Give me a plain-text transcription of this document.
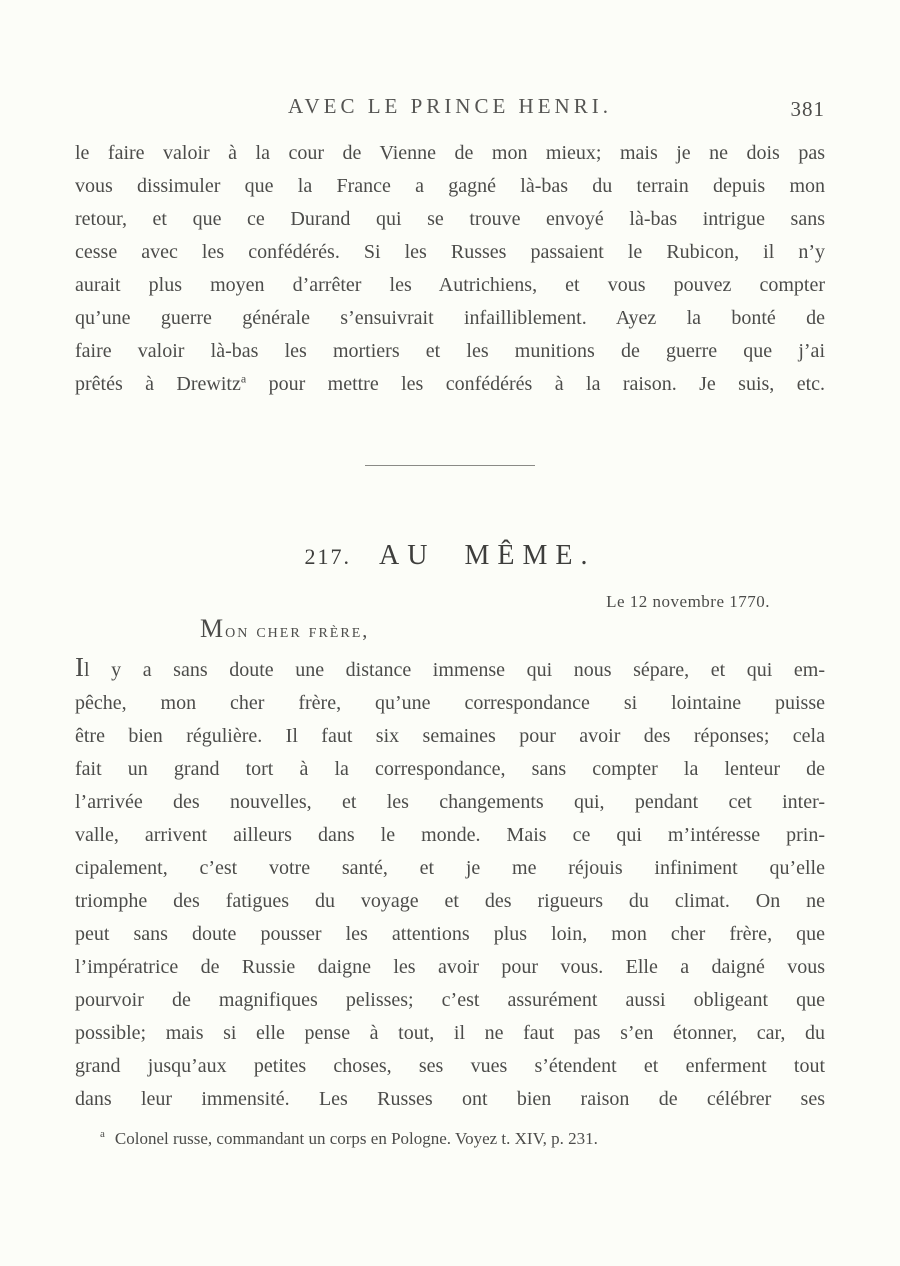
AVEC LE PRINCE HENRI.	381
le faire valoir à la cour de Vienne de mon mieux; mais je ne dois pas
vous dissimuler que la France a gagné là-bas du terrain depuis mon
retour, et que ce Durand qui se trouve envoyé là-bas intrigue sans
cesse avec les confédérés. Si les Russes passaient le Rubicon, il n’y
aurait plus moyen d’arrêter les Autrichiens, et vous pouvez compter
qu’une guerre générale s’ensuivrait infailliblement. Ayez la bonté de
faire valoir là-bas les mortiers et les munitions de guerre que j’ai
prêtés à Drewitz$^a$ pour mettre les confédérés à la raison. Je suis, etc.
217. AU MÊME.
Le 12 novembre 1770.
Mon cher frère,
Il y a sans doute une distance immense qui nous sépare, et qui em-
pêche, mon cher frère, qu’une correspondance si lointaine puisse
être bien régulière. Il faut six semaines pour avoir des réponses; cela
fait un grand tort à la correspondance, sans compter la lenteur de
l’arrivée des nouvelles, et les changements qui, pendant cet inter-
valle, arrivent ailleurs dans le monde. Mais ce qui m’intéresse prin-
cipalement, c’est votre santé, et je me réjouis infiniment qu’elle
triomphe des fatigues du voyage et des rigueurs du climat. On ne
peut sans doute pousser les attentions plus loin, mon cher frère, que
l’impératrice de Russie daigne les avoir pour vous. Elle a daigné vous
pourvoir de magnifiques pelisses; c’est assurément aussi obligeant que
possible; mais si elle pense à tout, il ne faut pas s’en étonner, car, du
grand jusqu’aux petites choses, ses vues s’étendent et enferment tout
dans leur immensité. Les Russes ont bien raison de célébrer ses
$^a$ Colonel russe, commandant un corps en Pologne. Voyez t. XIV, p. 231.
